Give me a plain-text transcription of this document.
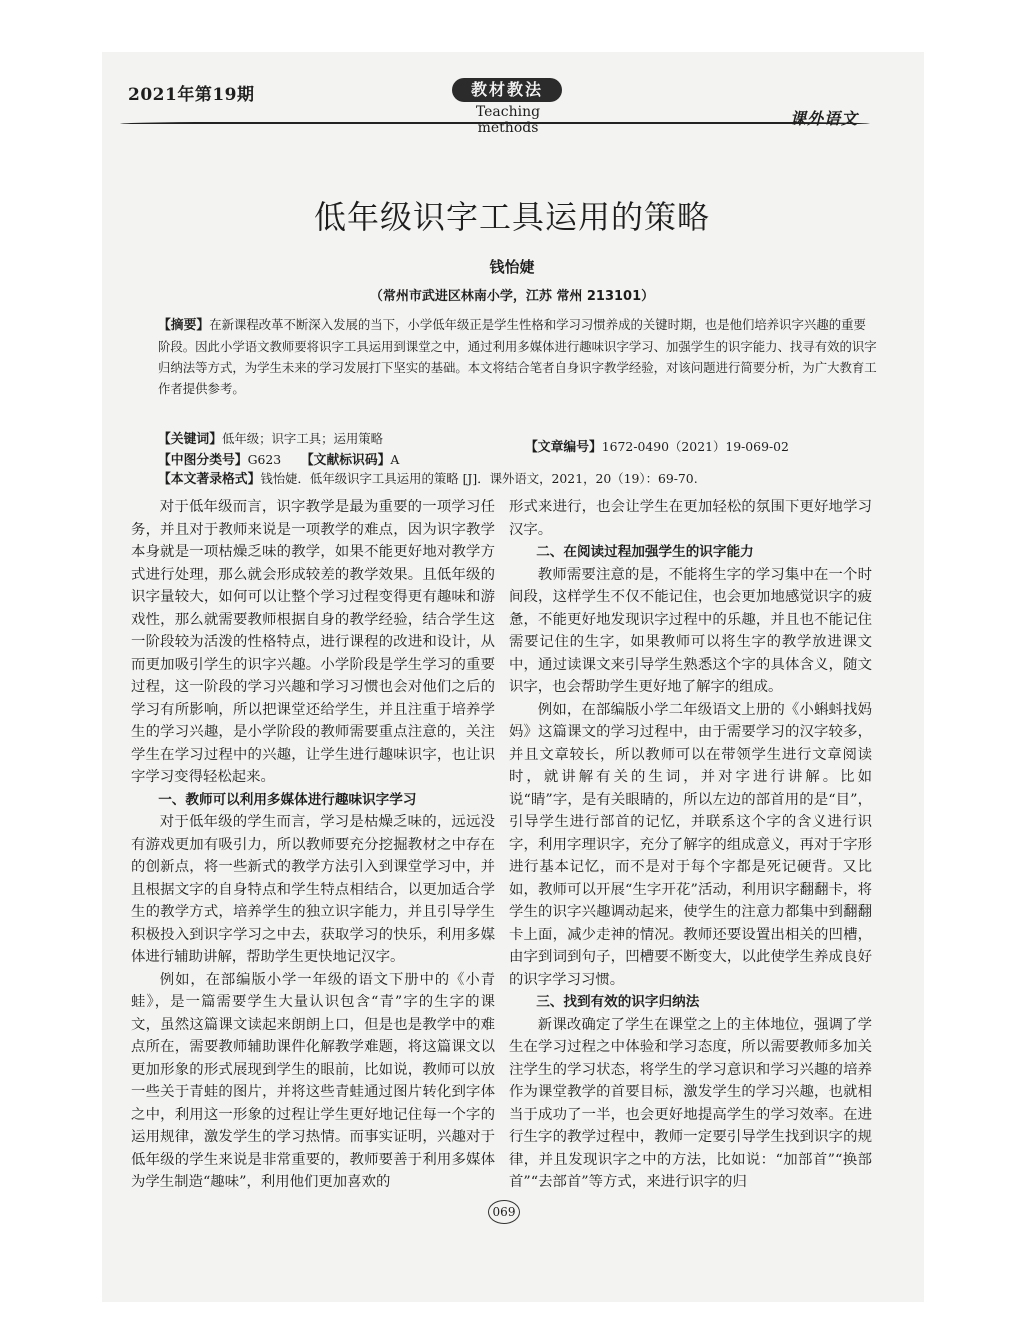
2021年第19期	教材教法
Teaching methods	课外语文
低年级识字工具运用的策略
钱怡婕
（常州市武进区林南小学，江苏 常州 213101）
【摘要】在新课程改革不断深入发展的当下，小学低年级正是学生性格和学习习惯养成的关键时期，也是他们培养识字兴趣的重要阶段。因此小学语文教师要将识字工具运用到课堂之中，通过利用多媒体进行趣味识字学习、加强学生的识字能力、找寻有效的识字归纳法等方式，为学生未来的学习发展打下坚实的基础。本文将结合笔者自身识字教学经验，对该问题进行简要分析，为广大教育工作者提供参考。
【关键词】低年级；识字工具；运用策略
【中图分类号】G623 【文献标识码】A
【文章编号】1672-0490（2021）19-069-02
【本文著录格式】钱怡婕．低年级识字工具运用的策略 [J]．课外语文，2021，20（19）：69-70.

对于低年级而言，识字教学是最为重要的一项学习任务，并且对于教师来说是一项教学的难点，因为识字教学本身就是一项枯燥乏味的教学，如果不能更好地对教学方式进行处理，那么就会形成较差的教学效果。且低年级的识字量较大，如何可以让整个学习过程变得更有趣味和游戏性，那么就需要教师根据自身的教学经验，结合学生这一阶段较为活泼的性格特点，进行课程的改进和设计，从而更加吸引学生的识字兴趣。小学阶段是学生学习的重要过程，这一阶段的学习兴趣和学习习惯也会对他们之后的学习有所影响，所以把课堂还给学生，并且注重于培养学生的学习兴趣，是小学阶段的教师需要重点注意的，关注学生在学习过程中的兴趣，让学生进行趣味识字，也让识字学习变得轻松起来。

一、教师可以利用多媒体进行趣味识字学习

对于低年级的学生而言，学习是枯燥乏味的，远远没有游戏更加有吸引力，所以教师要充分挖掘教材之中存在的创新点，将一些新式的教学方法引入到课堂学习中，并且根据文字的自身特点和学生特点相结合，以更加适合学生的教学方式，培养学生的独立识字能力，并且引导学生积极投入到识字学习之中去，获取学习的快乐，利用多媒体进行辅助讲解，帮助学生更快地记汉字。

例如，在部编版小学一年级的语文下册中的《小青蛙》，是一篇需要学生大量认识包含“青”字的生字的课文，虽然这篇课文读起来朗朗上口，但是也是教学中的难点所在，需要教师辅助课件化解教学难题，将这篇课文以更加形象的形式展现到学生的眼前，比如说，教师可以放一些关于青蛙的图片，并将这些青蛙通过图片转化到字体之中，利用这一形象的过程让学生更好地记住每一个字的运用规律，激发学生的学习热情。而事实证明，兴趣对于低年级的学生来说是非常重要的，教师要善于利用多媒体为学生制造“趣味”，利用他们更加喜欢的

形式来进行，也会让学生在更加轻松的氛围下更好地学习汉字。

二、在阅读过程加强学生的识字能力

教师需要注意的是，不能将生字的学习集中在一个时间段，这样学生不仅不能记住，也会更加地感觉识字的疲惫，不能更好地发现识字过程中的乐趣，并且也不能记住需要记住的生字，如果教师可以将生字的教学放进课文中，通过读课文来引导学生熟悉这个字的具体含义，随文识字，也会帮助学生更好地了解字的组成。

例如，在部编版小学二年级语文上册的《小蝌蚪找妈妈》这篇课文的学习过程中，由于需要学习的汉字较多，并且文章较长，所以教师可以在带领学生进行文章阅读时，就讲解有关的生词，并对字进行讲解。比如说“睛”字，是有关眼睛的，所以左边的部首用的是“目”，引导学生进行部首的记忆，并联系这个字的含义进行识字，利用字理识字，充分了解字的组成意义，再对于字形进行基本记忆，而不是对于每个字都是死记硬背。又比如，教师可以开展“生字开花”活动，利用识字翻翻卡，将学生的识字兴趣调动起来，使学生的注意力都集中到翻翻卡上面，减少走神的情况。教师还要设置出相关的凹槽，由字到词到句子，凹槽要不断变大，以此使学生养成良好的识字学习习惯。

三、找到有效的识字归纳法

新课改确定了学生在课堂之上的主体地位，强调了学生在学习过程之中体验和学习态度，所以需要教师多加关注学生的学习状态，将学生的学习意识和学习兴趣的培养作为课堂教学的首要目标，激发学生的学习兴趣，也就相当于成功了一半，也会更好地提高学生的学习效率。在进行生字的教学过程中，教师一定要引导学生找到识字的规律，并且发现识字之中的方法，比如说：“加部首”“换部首”“去部首”等方式，来进行识字的归

069
